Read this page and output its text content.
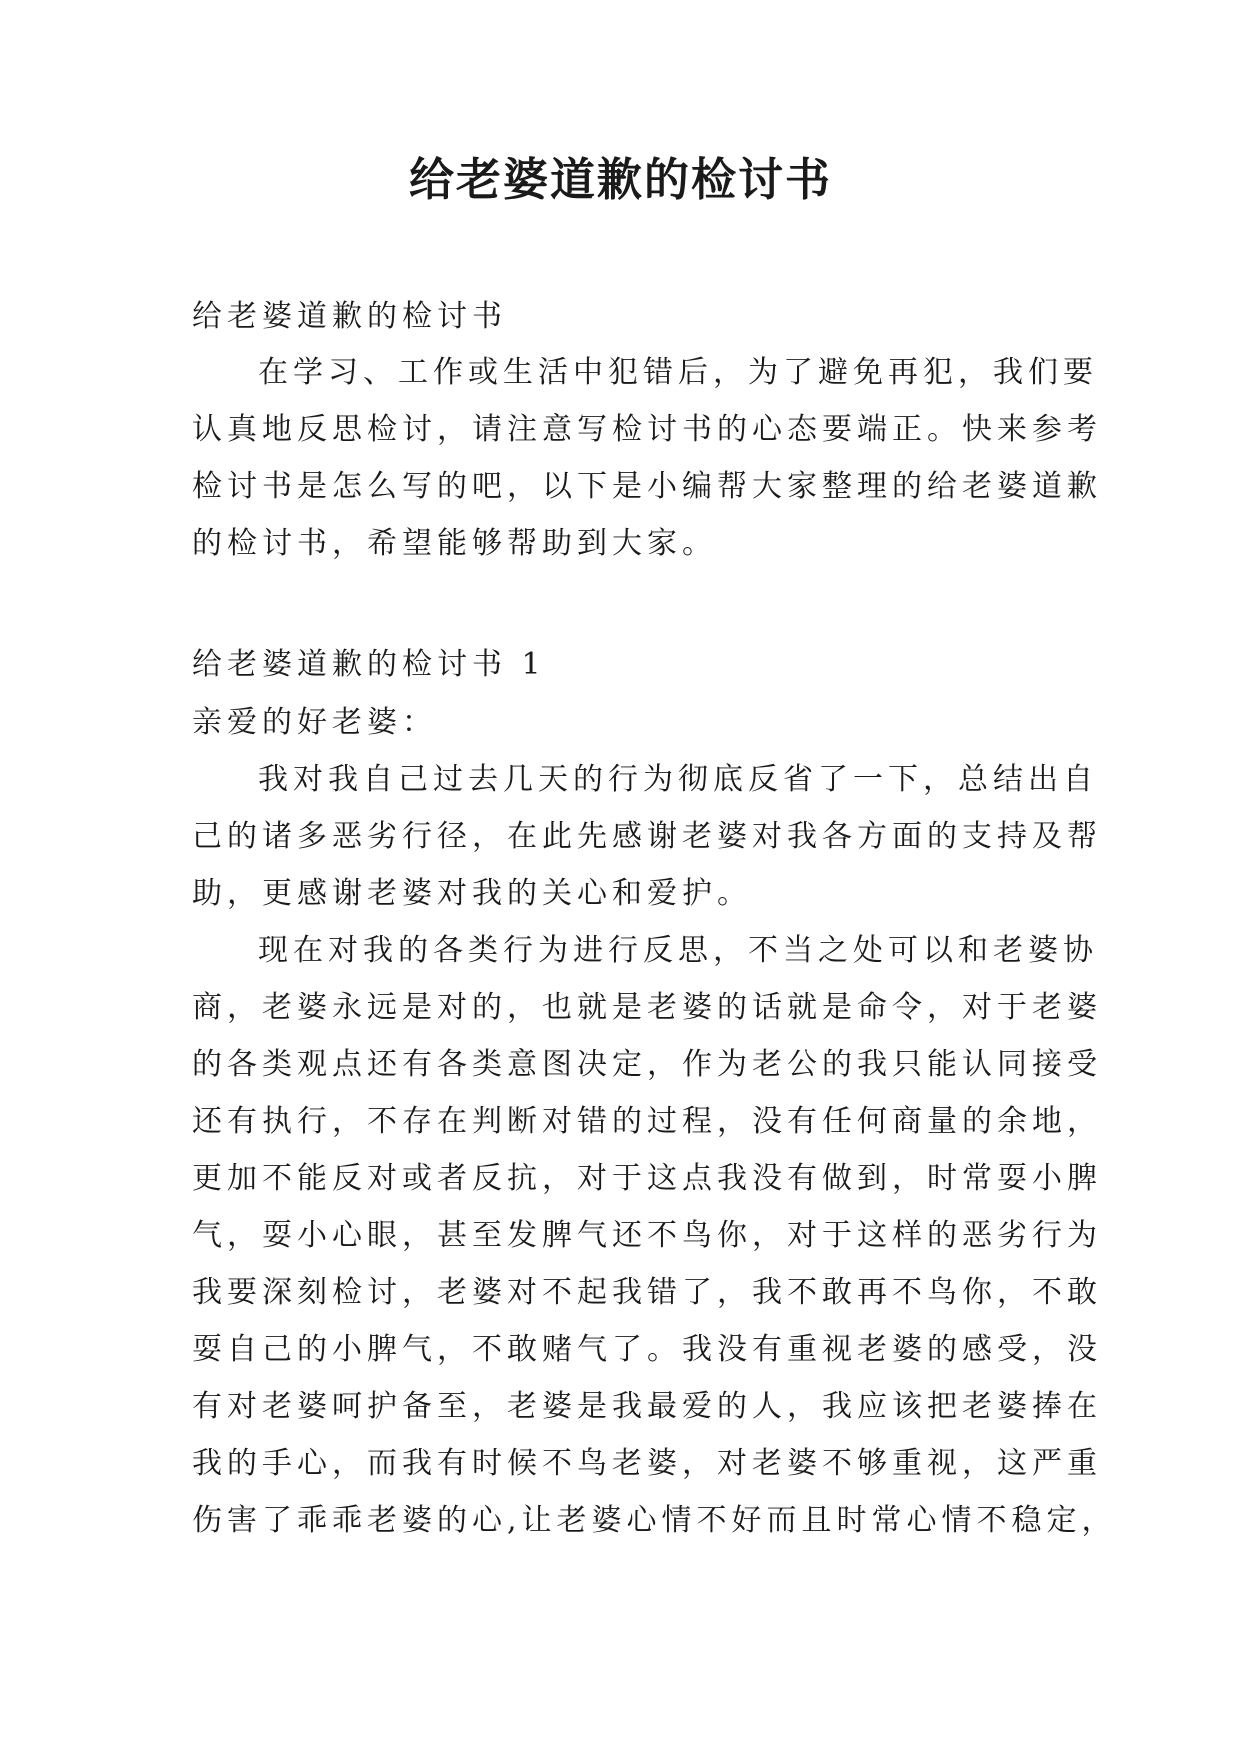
给老婆道歉的检讨书
给老婆道歉的检讨书
在学习、工作或生活中犯错后，为了避免再犯，我们要
认真地反思检讨，请注意写检讨书的心态要端正。快来参考
检讨书是怎么写的吧，以下是小编帮大家整理的给老婆道歉
的检讨书，希望能够帮助到大家。
给老婆道歉的检讨书 1
亲爱的好老婆：
我对我自己过去几天的行为彻底反省了一下，总结出自
己的诸多恶劣行径，在此先感谢老婆对我各方面的支持及帮
助，更感谢老婆对我的关心和爱护。
现在对我的各类行为进行反思，不当之处可以和老婆协
商，老婆永远是对的，也就是老婆的话就是命令，对于老婆
的各类观点还有各类意图决定，作为老公的我只能认同接受
还有执行，不存在判断对错的过程，没有任何商量的余地，
更加不能反对或者反抗，对于这点我没有做到，时常耍小脾
气，耍小心眼，甚至发脾气还不鸟你，对于这样的恶劣行为
我要深刻检讨，老婆对不起我错了，我不敢再不鸟你，不敢
耍自己的小脾气，不敢赌气了。我没有重视老婆的感受，没
有对老婆呵护备至，老婆是我最爱的人，我应该把老婆捧在
我的手心，而我有时候不鸟老婆，对老婆不够重视，这严重
伤害了乖乖老婆的心,让老婆心情不好而且时常心情不稳定，
